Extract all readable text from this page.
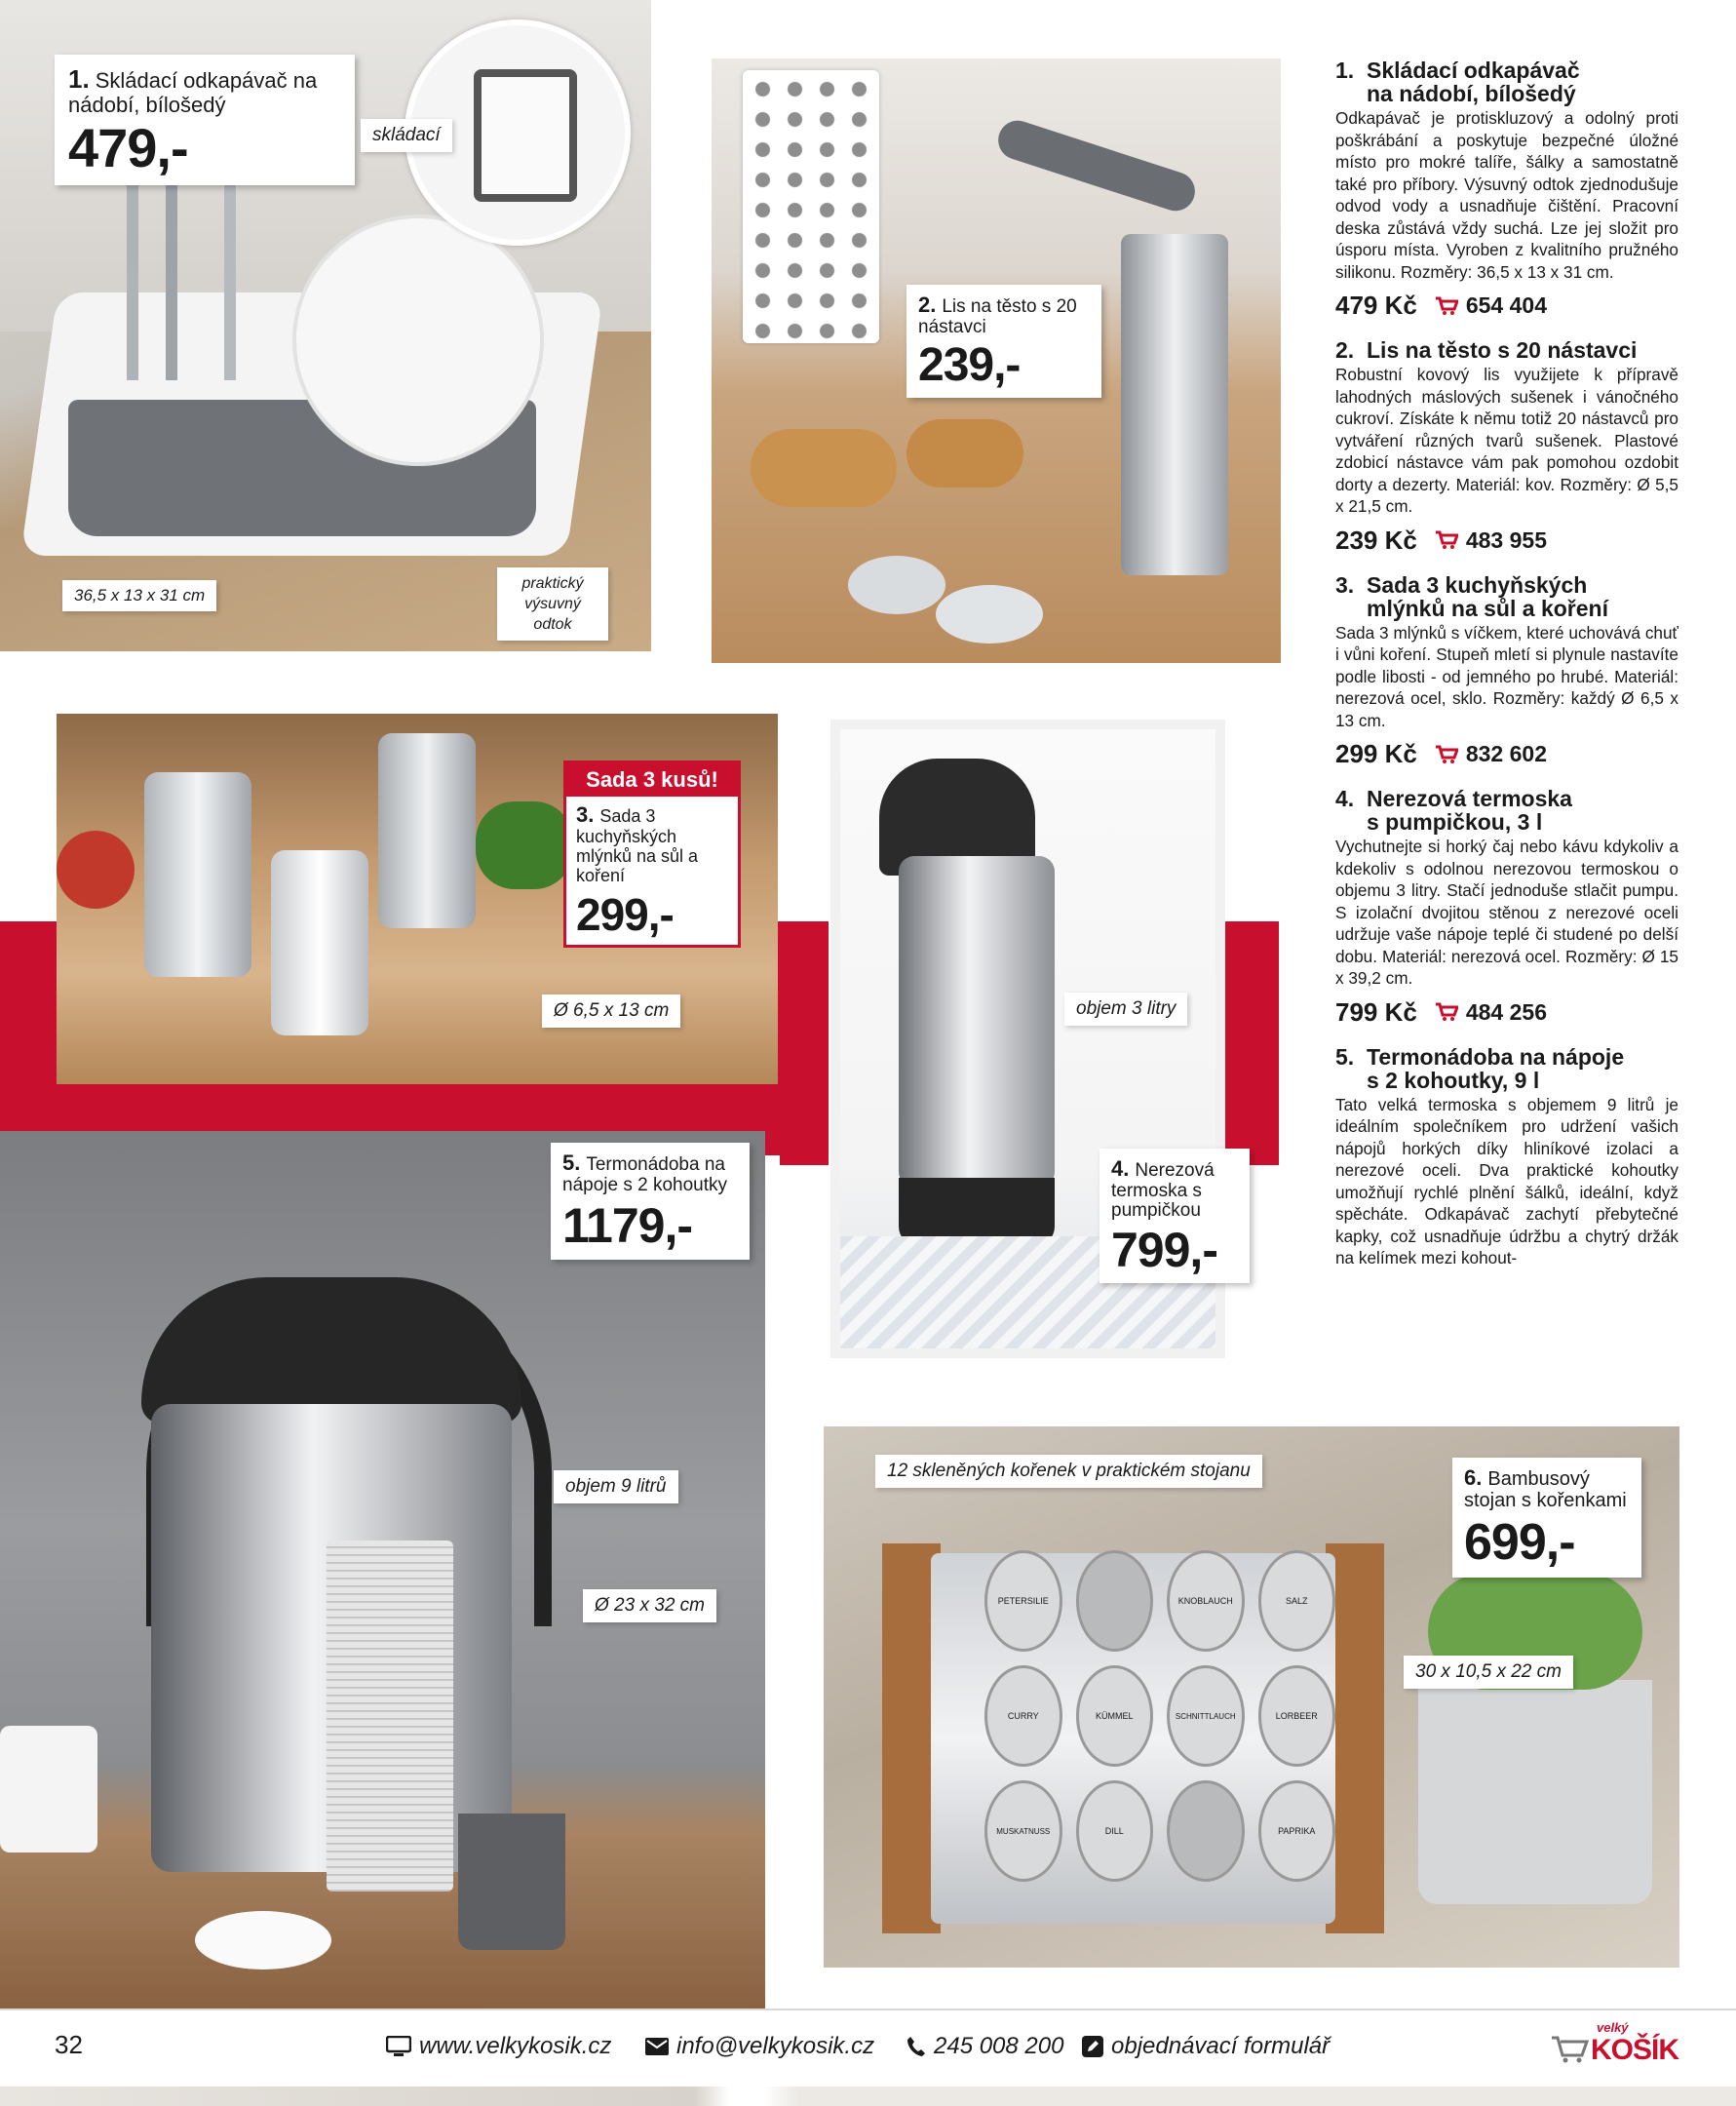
1. Skládací odkapávač na nádobí, bílošedý
479,-	skládací
36,5 x 13 x 31 cm
praktický výsuvný odtok
2. Lis na těsto s 20 nástavci
239,-
Sada 3 kusů!
3. Sada 3 kuchyňských mlýnků na sůl a koření
299,-
Ø 6,5 x 13 cm	objem 3 litry
4. Nerezová termoska s pumpičkou
799,-
5. Termonádoba na nápoje s 2 kohoutky
1179,-
objem 9 litrů
Ø 23 x 32 cm	PETERSILIE	KNOBLAUCH	SALZ
CURRY	KÜMMEL	SCHNITTLAUCH	LORBEER
MUSKATNUSS	DILL	PAPRIKA
12 skleněných kořenek v praktickém stojanu
30 x 10,5 x 22 cm
6. Bambusový stojan s kořenkami
699,-
1. Skládací odkapávač
na nádobí, bílošedý

Odkapávač je protiskluzový a odolný proti poškrábání a poskytuje bezpečné úložné místo pro mokré talíře, šálky a samostatně také pro příbory. Výsuvný odtok zjednodušuje odvod vody a usnadňuje čištění. Pracovní deska zůstává vždy suchá. Lze jej složit pro úsporu místa. Vyroben z kvalitního pružného silikonu. Rozměry: 36,5 x 13 x 31 cm.

479 Kč 654 404
2. Lis na těsto s 20 nástavci

Robustní kovový lis využijete k přípravě lahodných máslových sušenek i vánočného cukroví. Získáte k němu totiž 20 nástavců pro vytváření různých tvarů sušenek. Plastové zdobicí nástavce vám pak pomohou ozdobit dorty a dezerty. Materiál: kov. Rozměry: Ø 5,5 x 21,5 cm.

239 Kč 483 955
3. Sada 3 kuchyňských
mlýnků na sůl a koření

Sada 3 mlýnků s víčkem, které uchovává chuť i vůni koření. Stupeň mletí si plynule nastavíte podle libosti - od jemného po hrubé. Materiál: nerezová ocel, sklo. Rozměry: každý Ø 6,5 x 13 cm.

299 Kč 832 602
4. Nerezová termoska
s pumpičkou, 3 l

Vychutnejte si horký čaj nebo kávu kdykoliv a kdekoliv s odolnou nerezovou termoskou o objemu 3 litry. Stačí jednoduše stlačit pumpu. S izolační dvojitou stěnou z nerezové oceli udržuje vaše nápoje teplé či studené po delší dobu. Materiál: nerezová ocel. Rozměry: Ø 15 x 39,2 cm.

799 Kč 484 256
5. Termonádoba na nápoje
s 2 kohoutky, 9 l

Tato velká termoska s objemem 9 litrů je ideálním společníkem pro udržení vašich nápojů horkých díky hliníkové izolaci a nerezové oceli. Dva praktické kohoutky umožňují rychlé plnění šálků, ideální, když spěcháte. Odkapávač zachytí přebytečné kapky, což usnadňuje údržbu a chytrý držák na kelímek mezi kohout-

32	www.velkykosik.cz	info@velkykosik.cz	245 008 200 objednávací formulář
velký
KOŠÍK
